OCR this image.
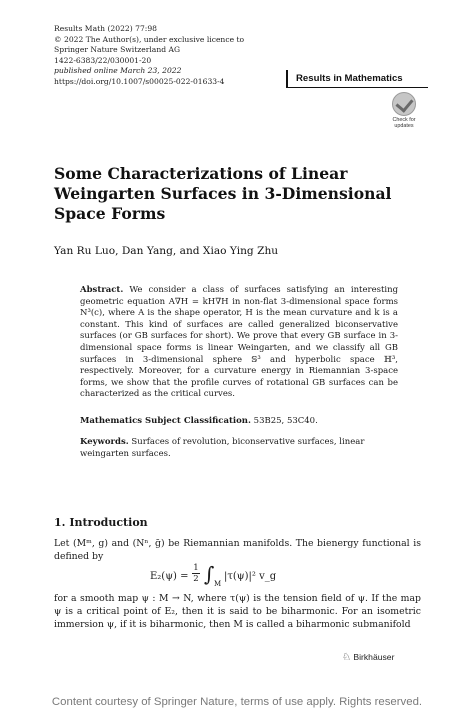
Results Math (2022) 77:98
© 2022 The Author(s), under exclusive licence to
Springer Nature Switzerland AG
1422-6383/22/030001-20
published online March 23, 2022
https://doi.org/10.1007/s00025-022-01633-4	Results in Mathematics
Check for
updates
Some Characterizations of Linear Weingarten Surfaces in 3-Dimensional Space Forms
Yan Ru Luo, Dan Yang, and Xiao Ying Zhu
Abstract. We consider a class of surfaces satisfying an interesting geometric equation A∇H = kH∇H in non-flat 3-dimensional space forms N³(c), where A is the shape operator, H is the mean curvature and k is a constant. This kind of surfaces are called generalized biconservative surfaces (or GB surfaces for short). We prove that every GB surface in 3-dimensional space forms is linear Weingarten, and we classify all GB surfaces in 3-dimensional sphere 𝕊³ and hyperbolic space ℍ³, respectively. Moreover, for a curvature energy in Riemannian 3-space forms, we show that the profile curves of rotational GB surfaces can be characterized as the critical curves.
Mathematics Subject Classification. 53B25, 53C40.
Keywords. Surfaces of revolution, biconservative surfaces, linear weingarten surfaces.
1. Introduction
Let (Mᵐ, g) and (Nⁿ, ḡ) be Riemannian manifolds. The bienergy functional is defined by
$E_2(\psi) = \frac{1}{2}$ ∫ M
|τ(ψ)|² v_g
for a smooth map ψ : M → N, where τ(ψ) is the tension field of ψ. If the map ψ is a critical point of E₂, then it is said to be biharmonic. For an isometric immersion ψ, if it is biharmonic, then M is called a biharmonic submanifold
♘ Birkhäuser
Content courtesy of Springer Nature, terms of use apply. Rights reserved.
